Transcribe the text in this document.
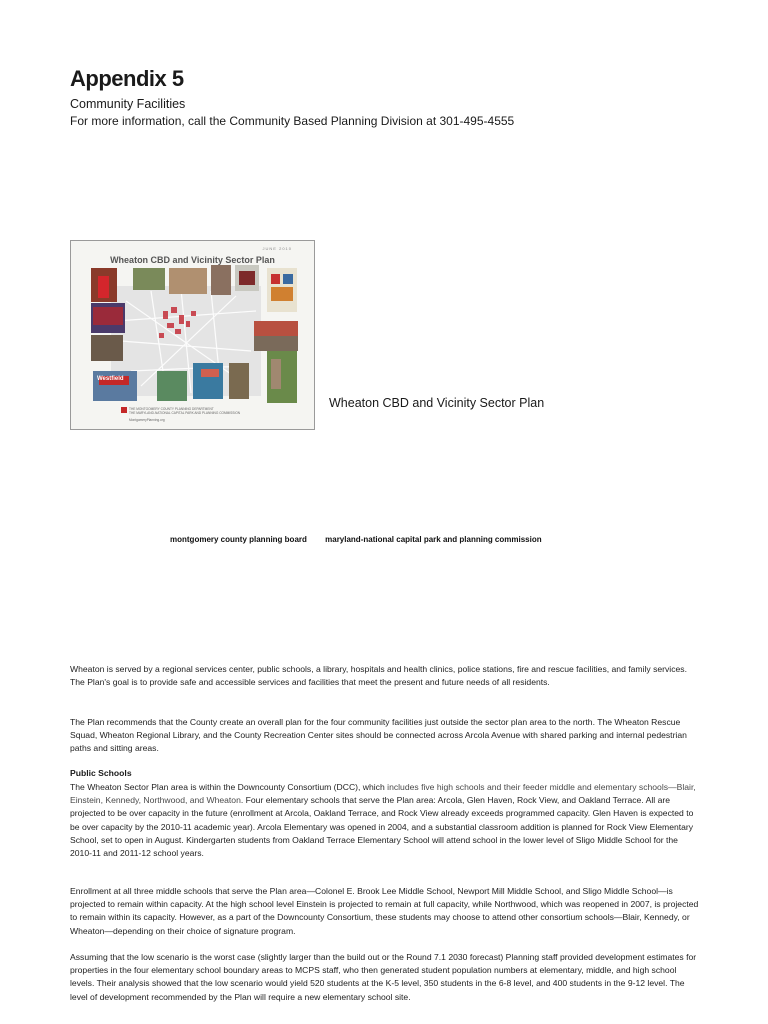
Appendix 5
Community Facilities
For more information, call the Community Based Planning Division at 301-495-4555
JUNE 2010
Wheaton CBD and Vicinity Sector Plan
THE MONTGOMERY COUNTY PLANNING DEPARTMENT
THE MARYLAND-NATIONAL CAPITAL PARK AND PLANNING COMMISSION
MontgomeryPlanning.org
Westfield
Wheaton CBD and Vicinity Sector Plan
montgomery county planning board maryland-national capital park and planning commission
Wheaton is served by a regional services center, public schools, a library, hospitals and health clinics, police stations, fire and rescue facilities, and family services. The Plan's goal is to provide safe and accessible services and facilities that meet the present and future needs of all residents.
The Plan recommends that the County create an overall plan for the four community facilities just outside the sector plan area to the north. The Wheaton Rescue Squad, Wheaton Regional Library, and the County Recreation Center sites should be connected across Arcola Avenue with shared parking and internal pedestrian paths and sitting areas.
Public Schools
The Wheaton Sector Plan area is within the Downcounty Consortium (DCC), which includes five high schools and their feeder middle and elementary schools—Blair, Einstein, Kennedy, Northwood, and Wheaton. Four elementary schools that serve the Plan area: Arcola, Glen Haven, Rock View, and Oakland Terrace. All are projected to be over capacity in the future (enrollment at Arcola, Oakland Terrace, and Rock View already exceeds programmed capacity. Glen Haven is expected to be over capacity by the 2010-11 academic year). Arcola Elementary was opened in 2004, and a substantial classroom addition is planned for Rock View Elementary School, set to open in August. Kindergarten students from Oakland Terrace Elementary School will attend school in the lower level of Sligo Middle School for the 2010-11 and 2011-12 school years.
Enrollment at all three middle schools that serve the Plan area—Colonel E. Brook Lee Middle School, Newport Mill Middle School, and Sligo Middle School—is projected to remain within capacity. At the high school level Einstein is projected to remain at full capacity, while Northwood, which was reopened in 2007, is projected to remain within its capacity. However, as a part of the Downcounty Consortium, these students may choose to attend other consortium schools—Blair, Kennedy, or Wheaton—depending on their choice of signature program.
Assuming that the low scenario is the worst case (slightly larger than the build out or the Round 7.1 2030 forecast) Planning staff provided development estimates for properties in the four elementary school boundary areas to MCPS staff, who then generated student population numbers at elementary, middle, and high school levels. Their analysis showed that the low scenario would yield 520 students at the K-5 level, 350 students in the 6-8 level, and 400 students in the 9-12 level. The level of development recommended by the Plan will require a new elementary school site.
